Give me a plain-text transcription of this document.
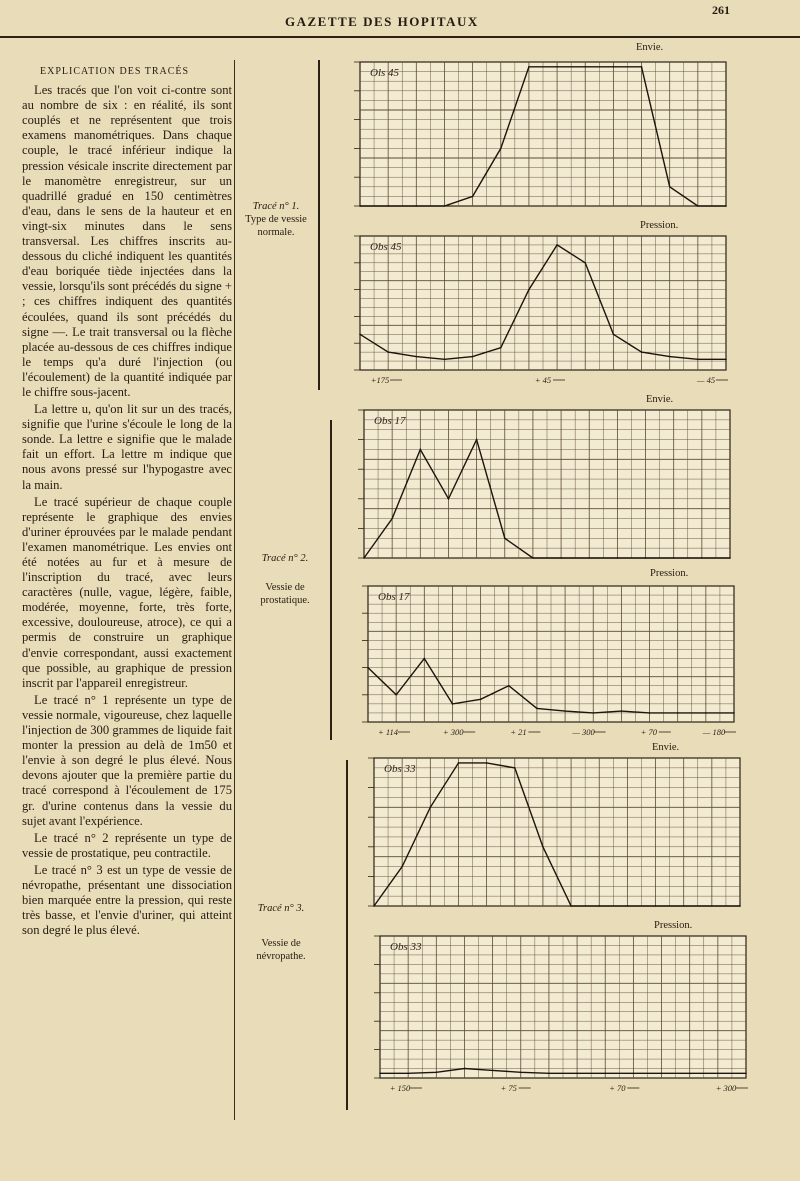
GAZETTE DES HOPITAUX
261
EXPLICATION DES TRACÉS

Les tracés que l'on voit ci-contre sont au nombre de six : en réalité, ils sont couplés et ne représentent que trois examens manométriques. Dans chaque couple, le tracé inférieur indique la pression vésicale inscrite directement par le manomètre enregistreur, sur un quadrillé gradué en 150 centimètres d'eau, dans le sens de la hauteur et en vingt-six minutes dans le sens transversal. Les chiffres inscrits au-dessous du cliché indiquent les quantités d'eau boriquée tiède injectées dans la vessie, lorsqu'ils sont précédés du signe + ; ces chiffres indiquent des quantités écoulées, quand ils sont précédés du signe —. Le trait transversal ou la flèche placée au-dessous de ces chiffres indique le temps qu'a duré l'injection (ou l'écoulement) de la quantité indiquée par le chiffre sous-jacent.

La lettre u, qu'on lit sur un des tracés, signifie que l'urine s'écoule le long de la sonde. La lettre e signifie que le malade fait un effort. La lettre m indique que nous avons pressé sur l'hypogastre avec la main.

Le tracé supérieur de chaque couple représente le graphique des envies d'uriner éprouvées par le malade pendant l'examen manométrique. Les envies ont été notées au fur et à mesure de l'inscription du tracé, avec leurs caractères (nulle, vague, légère, faible, modérée, moyenne, forte, très forte, excessive, douloureuse, atroce), ce qui a permis de construire un graphique d'envie correspondant, aussi exactement que possible, au graphique de pression inscrit par l'appareil enregistreur.

Le tracé n° 1 représente un type de vessie normale, vigoureuse, chez laquelle l'injection de 300 grammes de liquide fait monter la pression au delà de 1m50 et l'envie à son degré le plus élevé. Nous devons ajouter que la première partie du tracé correspond à l'écoulement de 175 gr. d'urine contenus dans la vessie du sujet avant l'expérience.

Le tracé n° 2 représente un type de vessie de prostatique, peu contractile.

Le tracé n° 3 est un type de vessie de névropathe, présentant une dissociation bien marquée entre la pression, qui reste très basse, et l'envie d'uriner, qui atteint son degré le plus élevé.

Tracé n° 1.
Type de vessie normale.
Tracé n° 2.
Vessie de prostatique.
Tracé n° 3.
Vessie de névropathe.
Envie.
Pression.
Envie.
Pression.
Envie.
Pression.
Ols 45
Obs 45
+175	+ 45	— 45
Obs 17
Obs 17
+ 114	+ 300	+ 21	— 300	+ 70	— 180
Obs 33
Obs 33
+ 150	+ 75	+ 70	+ 300
